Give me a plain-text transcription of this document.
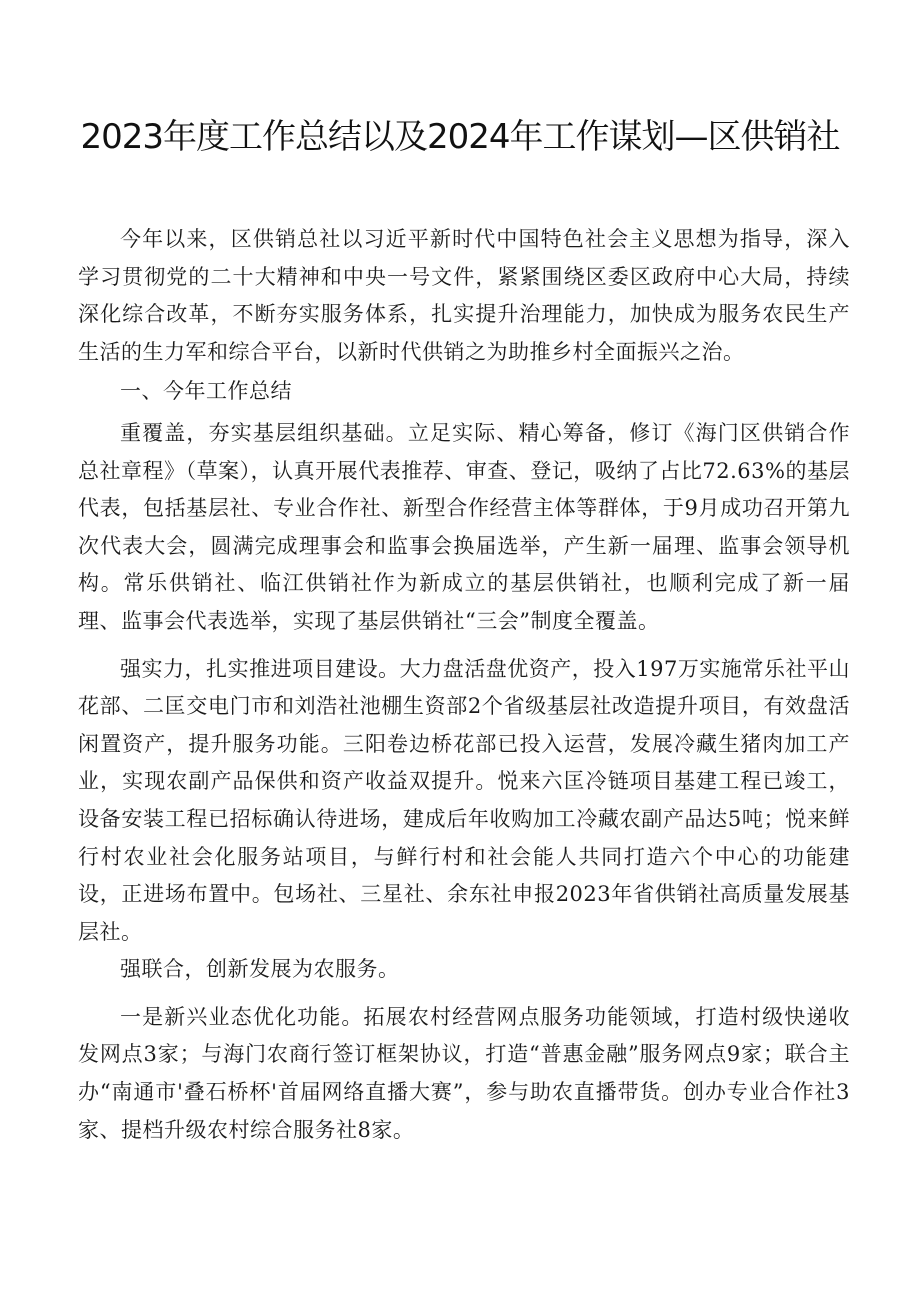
2023年度工作总结以及2024年工作谋划—区供销社

今年以来，区供销总社以习近平新时代中国特色社会主义思想为指导，深入学习贯彻党的二十大精神和中央一号文件，紧紧围绕区委区政府中心大局，持续深化综合改革，不断夯实服务体系，扎实提升治理能力，加快成为服务农民生产生活的生力军和综合平台，以新时代供销之为助推乡村全面振兴之治。

一、今年工作总结

重覆盖，夯实基层组织基础。立足实际、精心筹备，修订《海门区供销合作总社章程》（草案），认真开展代表推荐、审查、登记，吸纳了占比72.63%的基层代表，包括基层社、专业合作社、新型合作经营主体等群体，于9月成功召开第九次代表大会，圆满完成理事会和监事会换届选举，产生新一届理、监事会领导机构。常乐供销社、临江供销社作为新成立的基层供销社，也顺利完成了新一届理、监事会代表选举，实现了基层供销社“三会”制度全覆盖。

强实力，扎实推进项目建设。大力盘活盘优资产，投入197万实施常乐社平山花部、二匡交电门市和刘浩社池棚生资部2个省级基层社改造提升项目，有效盘活闲置资产，提升服务功能。三阳卷边桥花部已投入运营，发展冷藏生猪肉加工产业，实现农副产品保供和资产收益双提升。悦来六匡冷链项目基建工程已竣工，设备安装工程已招标确认待进场，建成后年收购加工冷藏农副产品达5吨；悦来鲜行村农业社会化服务站项目，与鲜行村和社会能人共同打造六个中心的功能建设，正进场布置中。包场社、三星社、余东社申报2023年省供销社高质量发展基层社。

强联合，创新发展为农服务。

一是新兴业态优化功能。拓展农村经营网点服务功能领域，打造村级快递收发网点3家；与海门农商行签订框架协议，打造“普惠金融”服务网点9家；联合主办“南通市'叠石桥杯'首届网络直播大赛”，参与助农直播带货。创办专业合作社3家、提档升级农村综合服务社8家。
